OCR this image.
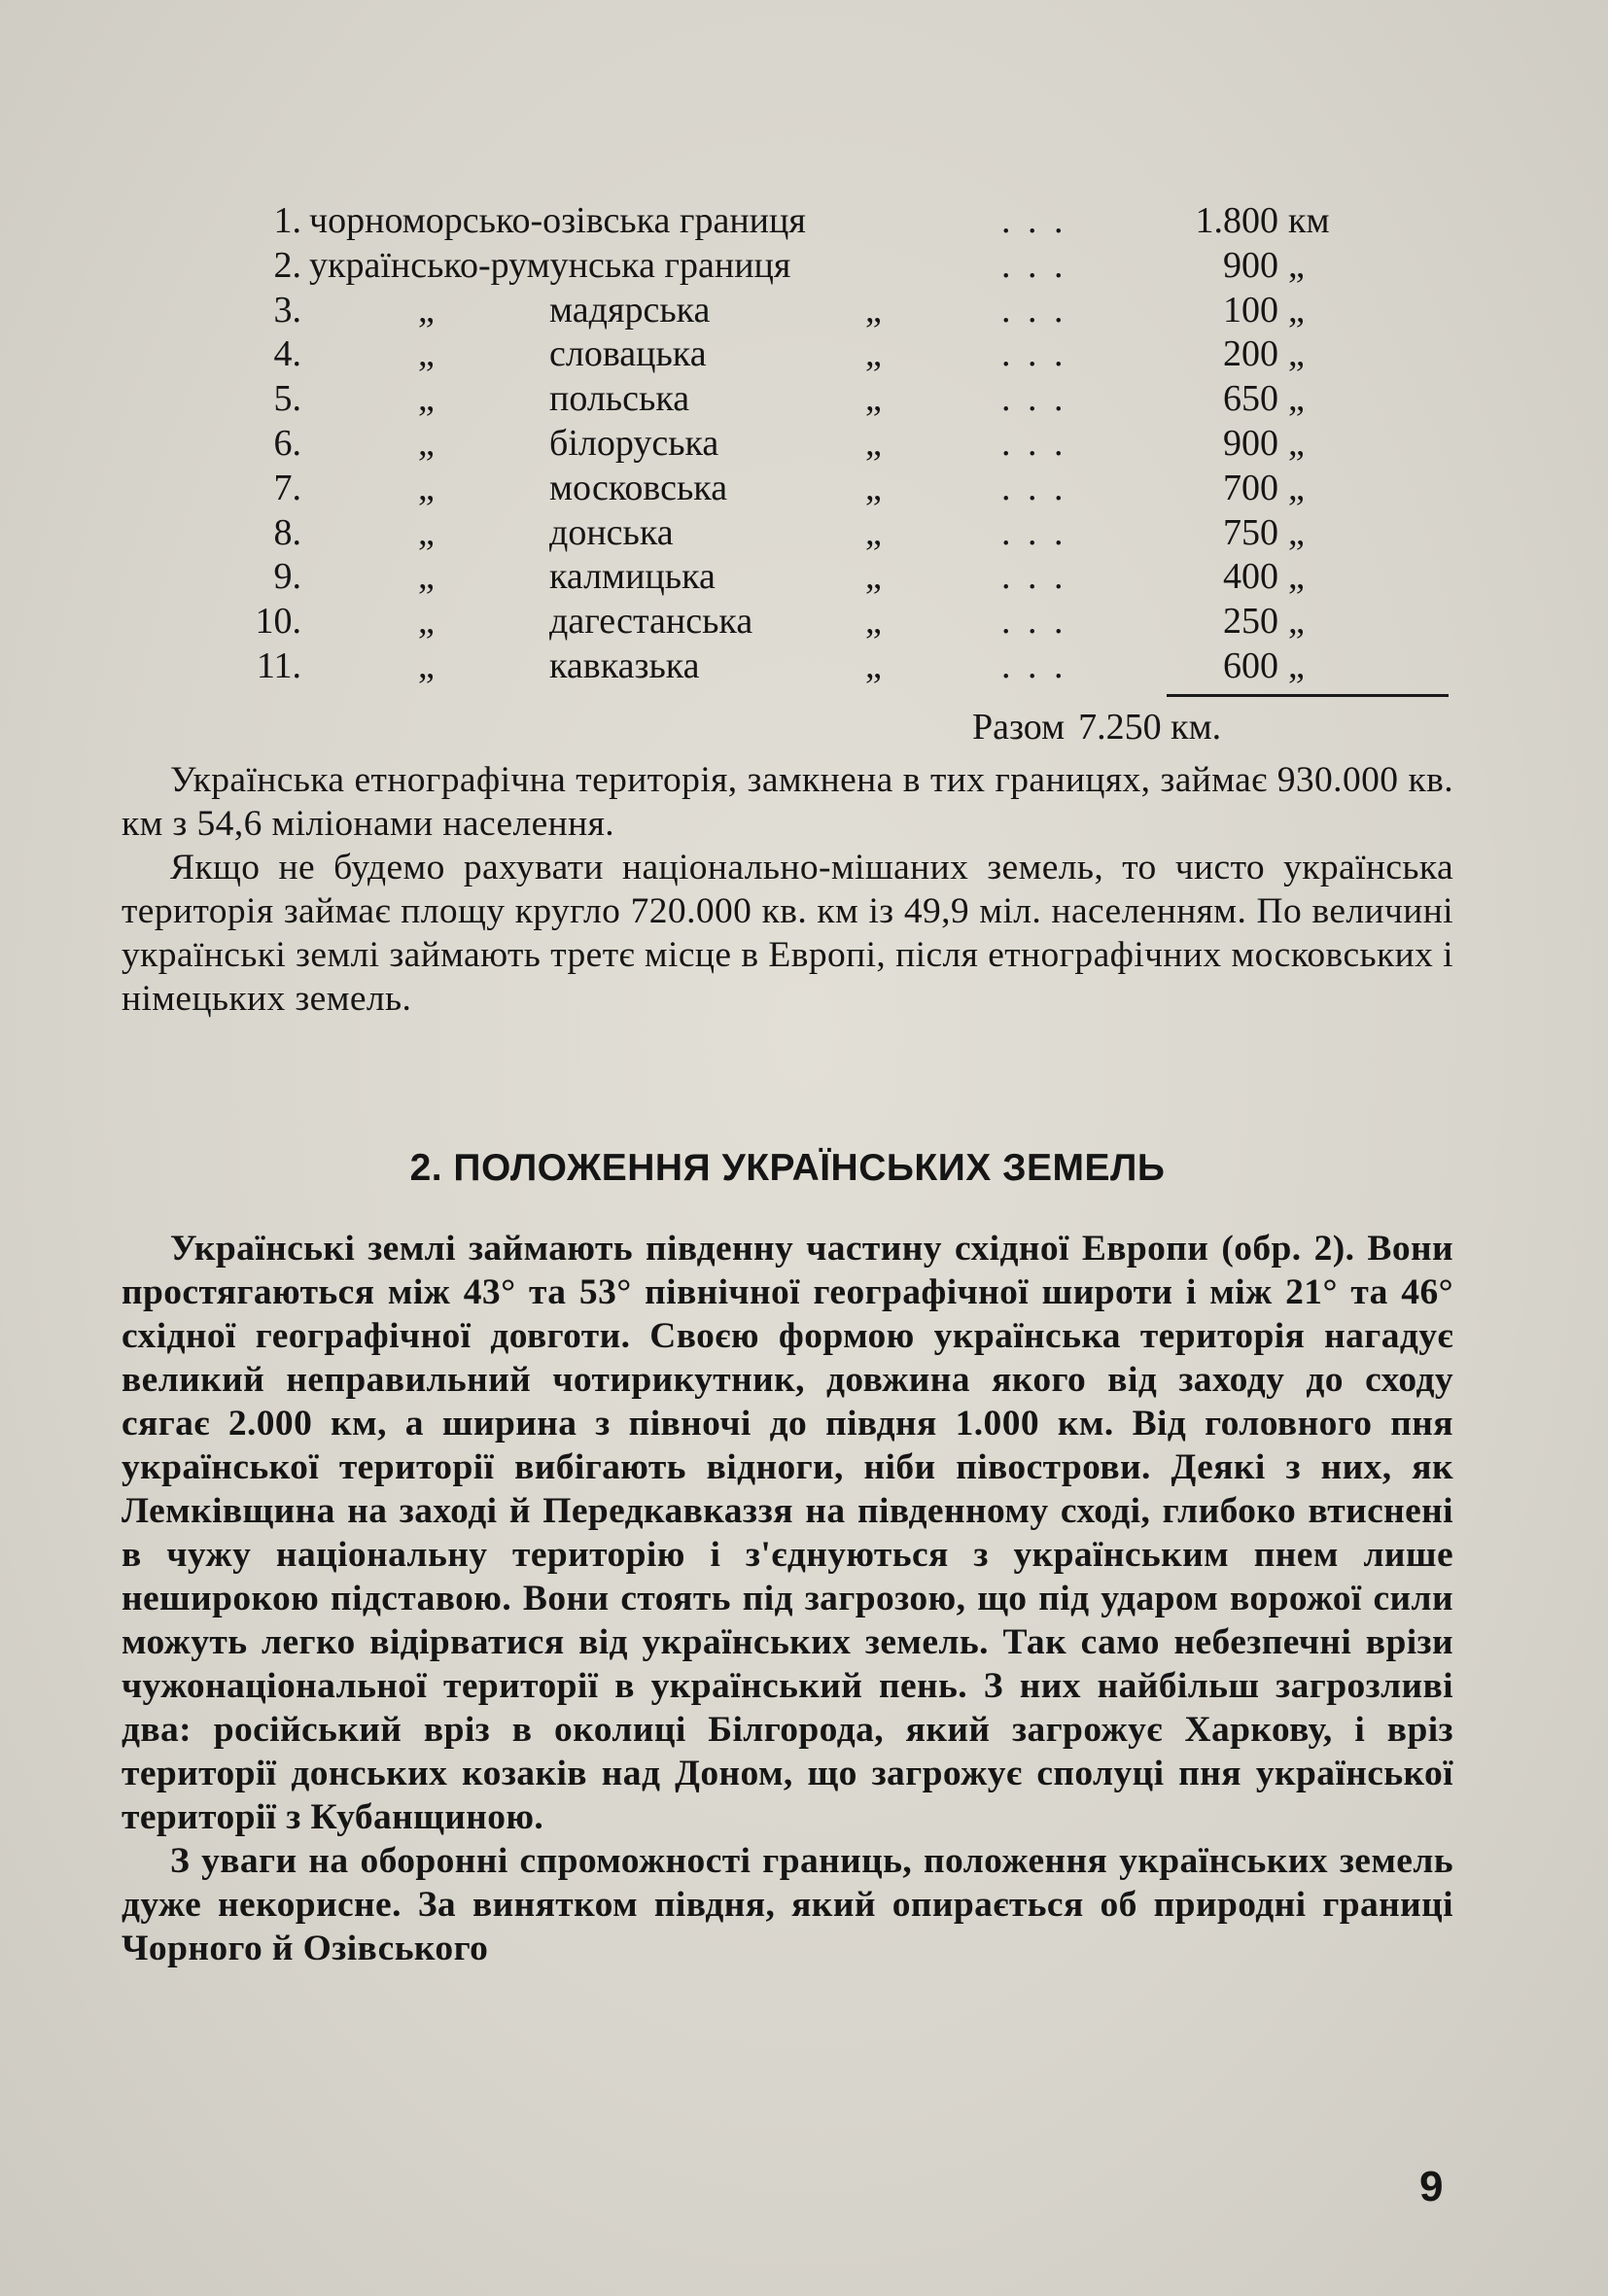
1. чорноморсько-озівська границя	. . .	1.800 км
2. українсько-румунська границя	. . .	900 „
3.	„	мадярська	„	. . .	100 „
4.	„	словацька	„	. . .	200 „
5.	„	польська	„	. . .	650 „
6.	„	білоруська	„	. . .	900 „
7.	„	московська	„	. . .	700 „
8.	„	донська	„	. . .	750 „
9.	„	калмицька	„	. . .	400 „
10.	„	дагестанська	„	. . .	250 „
11.	„	кавказька	„	. . .	600 „
Разом 7.250 км.

Українська етнографічна територія, замкнена в тих границях, займає 930.000 кв. км з 54,6 міліонами населення.

Якщо не будемо рахувати національно-мішаних земель, то чисто українська територія займає площу кругло 720.000 кв. км із 49,9 міл. населенням. По величині українські землі займають третє місце в Европі, після етнографічних московських і німецьких земель.

2. ПОЛОЖЕННЯ УКРАЇНСЬКИХ ЗЕМЕЛЬ

Українські землі займають південну частину східної Европи (обр. 2). Вони простягаються між 43° та 53° північної географічної широти і між 21° та 46° східної географічної довготи. Своєю формою українська територія нагадує великий неправильний чотирикутник, довжина якого від заходу до сходу сягає 2.000 км, а ширина з півночі до півдня 1.000 км. Від головного пня української території вибігають відноги, ніби півострови. Деякі з них, як Лемківщина на заході й Передкавказзя на південному сході, глибоко втиснені в чужу національну територію і з'єднуються з українським пнем лише неширокою підставою. Вони стоять під загрозою, що під ударом ворожої сили можуть легко відірватися від українських земель. Так само небезпечні врізи чужонаціональної території в український пень. З них найбільш загрозливі два: російський вріз в околиці Білгорода, який загрожує Харкову, і вріз території донських козаків над Доном, що загрожує сполуці пня української території з Кубанщиною.

З уваги на оборонні спроможності границь, положення українських земель дуже некорисне. За винятком півдня, який опирається об природні границі Чорного й Озівського

9
